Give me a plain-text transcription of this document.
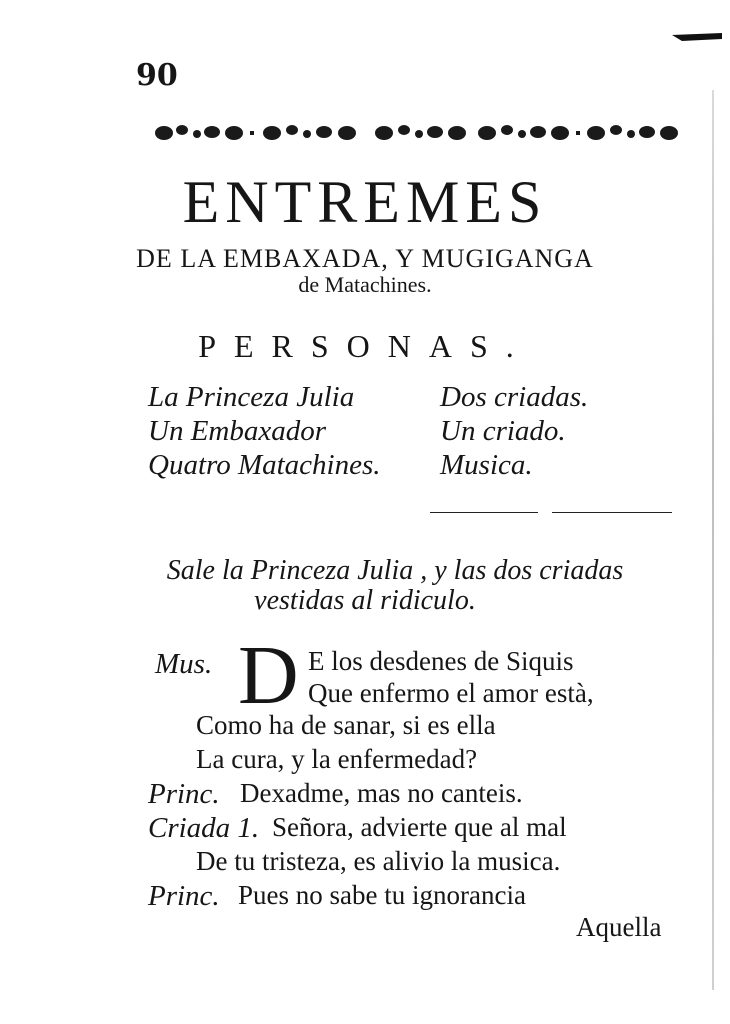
90
ENTREMES
DE LA EMBAXADA, Y MUGIGANGA
de Matachines.
PERSONAS.
La Princeza Julia
Un Embaxador
Quatro Matachines.
Dos criadas.
Un criado.
Musica.
Sale la Princeza Julia , y las dos criadas
vestidas al ridiculo.
Mus. D E los desdenes de Siquis
Que enfermo el amor està,
Como ha de sanar, si es ella
La cura, y la enfermedad?
Princ. Dexadme, mas no canteis.
Criada 1. Señora, advierte que al mal
De tu tristeza, es alivio la musica.
Princ. Pues no sabe tu ignorancia
Aquella
